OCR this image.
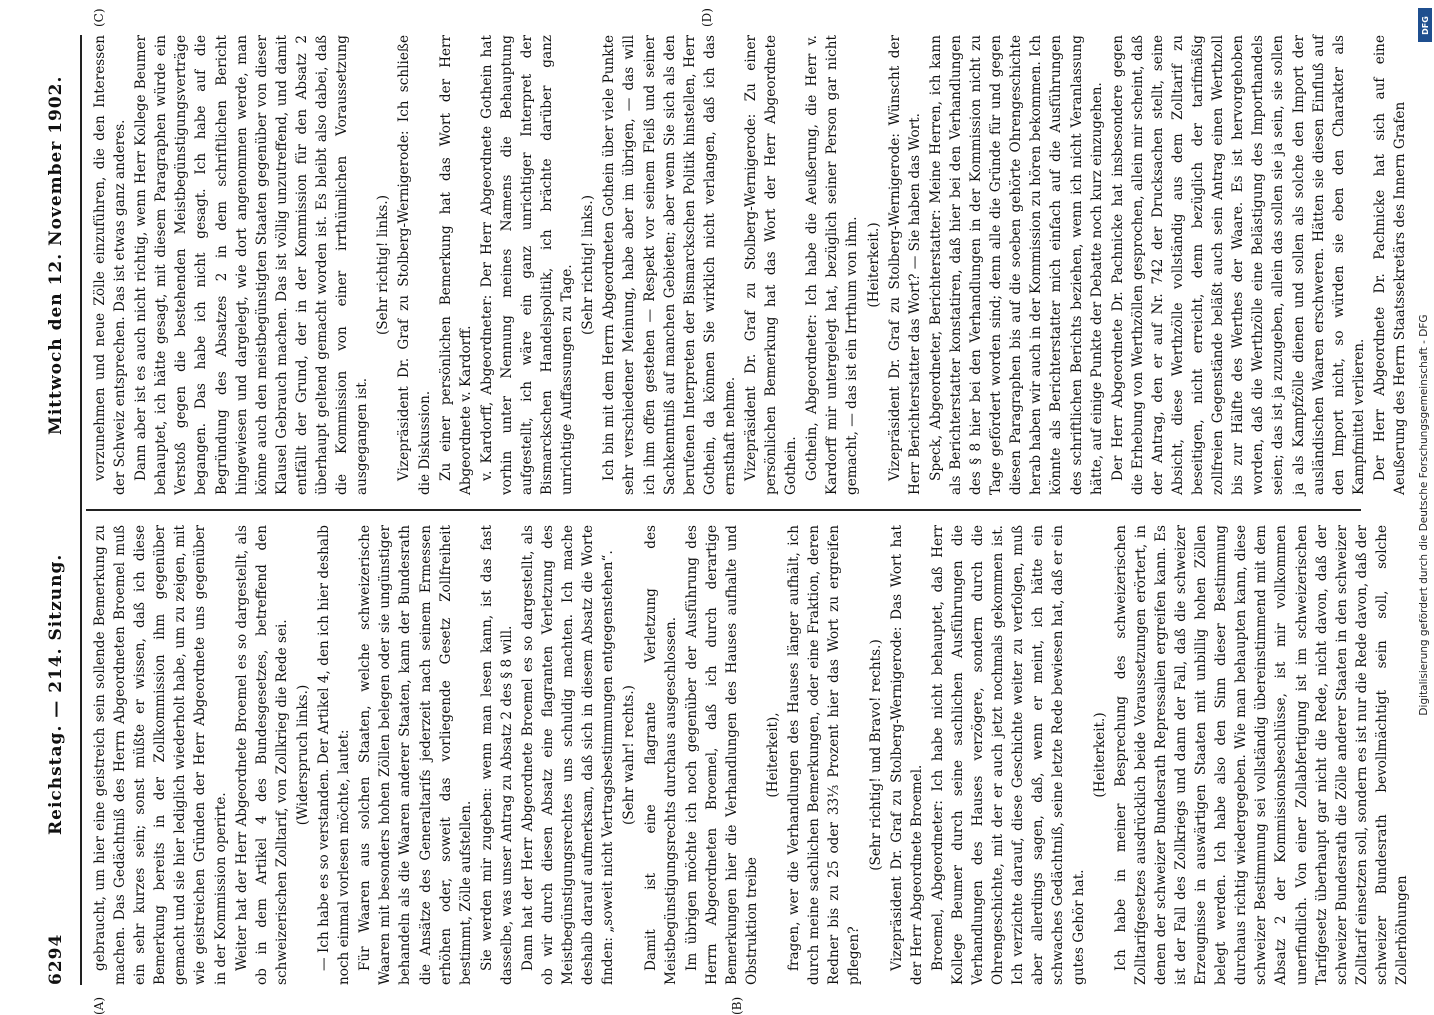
6294
Reichstag. — 214. Sitzung.
Mittwoch den 12. November 1902.
(A)	(B)
(C)	(D)

gebraucht, um hier eine geistreich sein sollende Bemerkung zu machen. Das Gedächtniß des Herrn Abgeordneten Broemel muß ein sehr kurzes sein; sonst müßte er wissen, daß ich diese Bemerkung bereits in der Zollkommission ihm gegenüber gemacht und sie hier lediglich wiederholt habe, um zu zeigen, mit wie geistreichen Gründen der Herr Abgeordnete uns gegenüber in der Kommission operirte. Weiter hat der Herr Abgeordnete Broemel es so dargestellt, als ob in dem Artikel 4 des Bundesgesetzes, betreffend den schweizerischen Zolltarif, von Zollkrieg die Rede sei. (Widerspruch links.) — Ich habe es so verstanden. Der Artikel 4, den ich hier deshalb noch einmal vorlesen möchte, lautet: Für Waaren aus solchen Staaten, welche schweizerische Waaren mit besonders hohen Zöllen belegen oder sie ungünstiger behandeln als die Waaren anderer Staaten, kann der Bundesrath die Ansätze des Generaltarifs jederzeit nach seinem Ermessen erhöhen oder, soweit das vorliegende Gesetz Zollfreiheit bestimmt, Zölle aufstellen. Sie werden mir zugeben: wenn man lesen kann, ist das fast dasselbe, was unser Antrag zu Absatz 2 des § 8 will. Dann hat der Herr Abgeordnete Broemel es so dargestellt, als ob wir durch diesen Absatz eine flagranten Verletzung des Meistbegünstigungsrechtes uns schuldig machten. Ich mache deshalb darauf aufmerksam, daß sich in diesem Absatz die Worte finden: „soweit nicht Vertragsbestimmungen entgegenstehen“. (Sehr wahr! rechts.) Damit ist eine flagrante Verletzung des Meistbegünstigungsrechts durchaus ausgeschlossen. Im übrigen möchte ich noch gegenüber der Ausführung des Herrn Abgeordneten Broemel, daß ich durch derartige Bemerkungen hier die Verhandlungen des Hauses aufhalte und Obstruktion treibe

(Heiterkeit), fragen, wer die Verhandlungen des Hauses länger aufhält, ich durch meine sachlichen Bemerkungen, oder eine Fraktion, deren Redner bis zu 25 oder 33⅓ Prozent hier das Wort zu ergreifen pflegen?

(Sehr richtig! und Bravo! rechts.) Vizepräsident Dr. Graf zu Stolberg-Wernigerode: Das Wort hat der Herr Abgeordnete Broemel. Broemel, Abgeordneter: Ich habe nicht behauptet, daß Herr Kollege Beumer durch seine sachlichen Ausführungen die Verhandlungen des Hauses verzögere, sondern durch die Ohrengeschichte, mit der er auch jetzt nochmals gekommen ist. Ich verzichte darauf, diese Geschichte weiter zu verfolgen, muß aber allerdings sagen, daß, wenn er meint, ich hätte ein schwaches Gedächtniß, seine letzte Rede bewiesen hat, daß er ein gutes Gehör hat.

(Heiterkeit.) Ich habe in meiner Besprechung des schweizerischen Zolltarifgesetzes ausdrücklich beide Voraussetzungen erörtert, in denen der schweizer Bundesrath Repressalien ergreifen kann. Es ist der Fall des Zollkriegs und dann der Fall, daß die schweizer Erzeugnisse in auswärtigen Staaten mit unbillig hohen Zöllen belegt werden. Ich habe also den Sinn dieser Bestimmung durchaus richtig wiedergegeben. Wie man behaupten kann, diese schweizer Bestimmung sei vollständig übereinstimmend mit dem Absatz 2 der Kommissionsbeschlüsse, ist mir vollkommen unerfindlich. Von einer Zollabfertigung ist im schweizerischen Tarifgesetz überhaupt gar nicht die Rede, nicht davon, daß der schweizer Bundesrath die Zölle anderer Staaten in den schweizer Zolltarif einsetzen soll, sondern es ist nur die Rede davon, daß der schweizer Bundesrath bevollmächtigt sein soll, solche Zollerhöhungen

vorzunehmen und neue Zölle einzuführen, die den Interessen der Schweiz entsprechen. Das ist etwas ganz anderes. Dann aber ist es auch nicht richtig, wenn Herr Kollege Beumer behauptet, ich hätte gesagt, mit diesem Paragraphen würde ein Verstoß gegen die bestehenden Meistbegünstigungsverträge begangen. Das habe ich nicht gesagt. Ich habe auf die Begründung des Absatzes 2 in dem schriftlichen Bericht hingewiesen und dargelegt, wie dort angenommen werde, man könne auch den meistbegünstigten Staaten gegenüber von dieser Klausel Gebrauch machen. Das ist völlig unzutreffend, und damit entfällt der Grund, der in der Kommission für den Absatz 2 überhaupt geltend gemacht worden ist. Es bleibt also dabei, daß die Kommission von einer irrthümlichen Voraussetzung ausgegangen ist.

(Sehr richtig! links.) Vizepräsident Dr. Graf zu Stolberg-Wernigerode: Ich schließe die Diskussion. Zu einer persönlichen Bemerkung hat das Wort der Herr Abgeordnete v. Kardorff. v. Kardorff, Abgeordneter: Der Herr Abgeordnete Gothein hat vorhin unter Nennung meines Namens die Behauptung aufgestellt, ich wäre ein ganz unrichtiger Interpret der Bismarckschen Handelspolitik, ich brächte darüber ganz unrichtige Auffassungen zu Tage. (Sehr richtig! links.) Ich bin mit dem Herrn Abgeordneten Gothein über viele Punkte sehr verschiedener Meinung, habe aber im übrigen, — das will ich ihm offen gestehen — Respekt vor seinem Fleiß und seiner Sachkenntniß auf manchen Gebieten; aber wenn Sie sich als den berufenen Interpreten der Bismarckschen Politik hinstellen, Herr Gothein, da können Sie wirklich nicht verlangen, daß ich das ernsthaft nehme. Vizepräsident Dr. Graf zu Stolberg-Wernigerode: Zu einer persönlichen Bemerkung hat das Wort der Herr Abgeordnete Gothein. Gothein, Abgeordneter: Ich habe die Aeußerung, die Herr v. Kardorff mir untergelegt hat, bezüglich seiner Person gar nicht gemacht, — das ist ein Irrthum von ihm. (Heiterkeit.) Vizepräsident Dr. Graf zu Stolberg-Wernigerode: Wünscht der Herr Berichterstatter das Wort? — Sie haben das Wort. Speck, Abgeordneter, Berichterstatter: Meine Herren, ich kann als Berichterstatter konstatiren, daß hier bei den Verhandlungen des § 8 hier bei den Verhandlungen in der Kommission nicht zu Tage gefördert worden sind; denn alle die Gründe für und gegen diesen Paragraphen bis auf die soeben gehörte Ohrengeschichte herab haben wir auch in der Kommission zu hören bekommen. Ich könnte als Berichterstatter mich einfach auf die Ausführungen des schriftlichen Berichts beziehen, wenn ich nicht Veranlassung hätte, auf einige Punkte der Debatte noch kurz einzugehen. Der Herr Abgeordnete Dr. Pachnicke hat insbesondere gegen die Erhebung von Werthzöllen gesprochen, allein mir scheint, daß der Antrag, den er auf Nr. 742 der Drucksachen stellt, seine Absicht, diese Werthzölle vollständig aus dem Zolltarif zu beseitigen, nicht erreicht, denn bezüglich der tarifmäßig zollfreien Gegenstände beläßt auch sein Antrag einen Werthzoll bis zur Hälfte des Werthes der Waare. Es ist hervorgehoben worden, daß die Werthzölle eine Belästigung des Importhandels seien; das ist ja zuzugeben, allein das sollen sie ja sein, sie sollen ja als Kampfzölle dienen und sollen als solche den Import der ausländischen Waaren erschweren. Hätten sie diesen Einfluß auf den Import nicht, so würden sie eben den Charakter als Kampfmittel verlieren. Der Herr Abgeordnete Dr. Pachnicke hat sich auf eine Aeußerung des Herrn Staatssekretärs des Innern Grafen

DFG
Digitalisierung gefördert durch die Deutsche Forschungsgemeinschaft - DFG
